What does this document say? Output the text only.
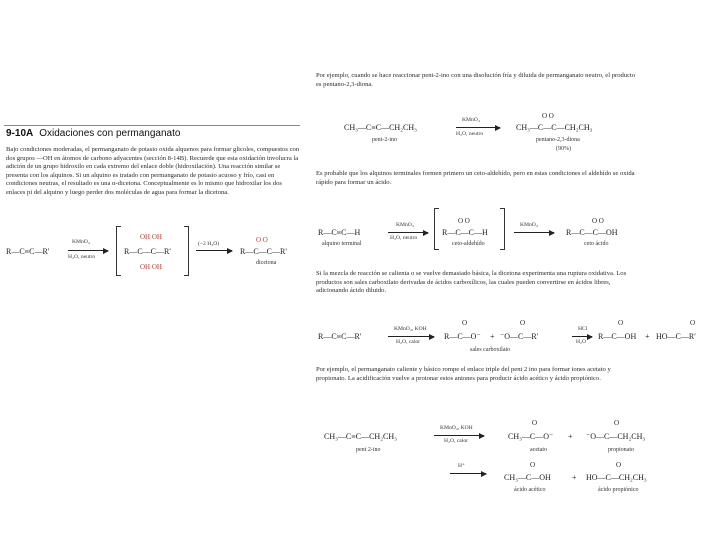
9-10A Oxidaciones con permanganato
Bajo condiciones moderadas, el permanganato de potasio oxida alquenos para formar glicoles, compuestos con dos grupos —OH en átomos de carbono adyacentes (sección 8-14B). Recuerde que esta oxidación involucra la adición de un grupo hidroxilo en cada extremo del enlace doble (hidroxilación). Una reacción similar se presenta con los alquinos. Si un alquino es tratado con permanganato de potasio acuoso y frío, casi en condiciones neutras, el resultado es una α-dicetona. Conceptualmente es lo mismo que hidroxilar los dos enlaces pi del alquino y luego perder dos moléculas de agua para formar la dicetona.
R—C≡C—R'
KMnO₄
H₂O, neutro
OH OH
R—C—C—R'
OH OH
(−2 H₂O)	O O
R—C—C—R'
dicetona
Por ejemplo, cuando se hace reaccionar pent-2-ino con una disolución fría y diluida de permanganato neutro, el producto es pentano-2,3-diona.
CH₃—C≡C—CH₂CH₃
pent-2-ino
KMnO₄
H₂O, neutro
O O
CH₃—C—C—CH₂CH₃
pentano-2,3-diona
(90%)
Es probable que los alquinos terminales formen primero un ceto-aldehído, pero en estas condiciones el aldehído se oxida rápido para formar un ácido.
R—C≡C—H
alquino terminal
KMnO₄
H₂O, neutro
O O
R—C—C—H
ceto-aldehído
KMnO₄	O O
R—C—C—OH
ceto ácido
Si la mezcla de reacción se calienta o se vuelve demasiado básica, la dicetona experimenta una ruptura oxidativa. Los productos son sales carboxilato derivadas de ácidos carboxílicos, las cuales pueden convertirse en ácidos libres, adicionando ácido diluido.
R—C≡C—R'
KMnO₄, KOH
H₂O, calor
O
R—C—O⁻ +
O
⁻O—C—R'
sales carboxilato
HCl
H₂O
O
R—C—OH +
O
HO—C—R'
Por ejemplo, el permanganato caliente y básico rompe el enlace triple del pent 2 ino para formar iones acetato y propionato. La acidificación vuelve a protonar estos aniones para producir ácido acético y ácido propiónico.
CH₃—C≡C—CH₂CH₃
pent 2-ino
KMnO₄, KOH
H₂O, calor
O
CH₃—C—O⁻
acetato
+
O
⁻O—C—CH₂CH₃
propionato
H⁺	O
CH₃—C—OH
ácido acético
+
O
HO—C—CH₂CH₃
ácido propiónico
